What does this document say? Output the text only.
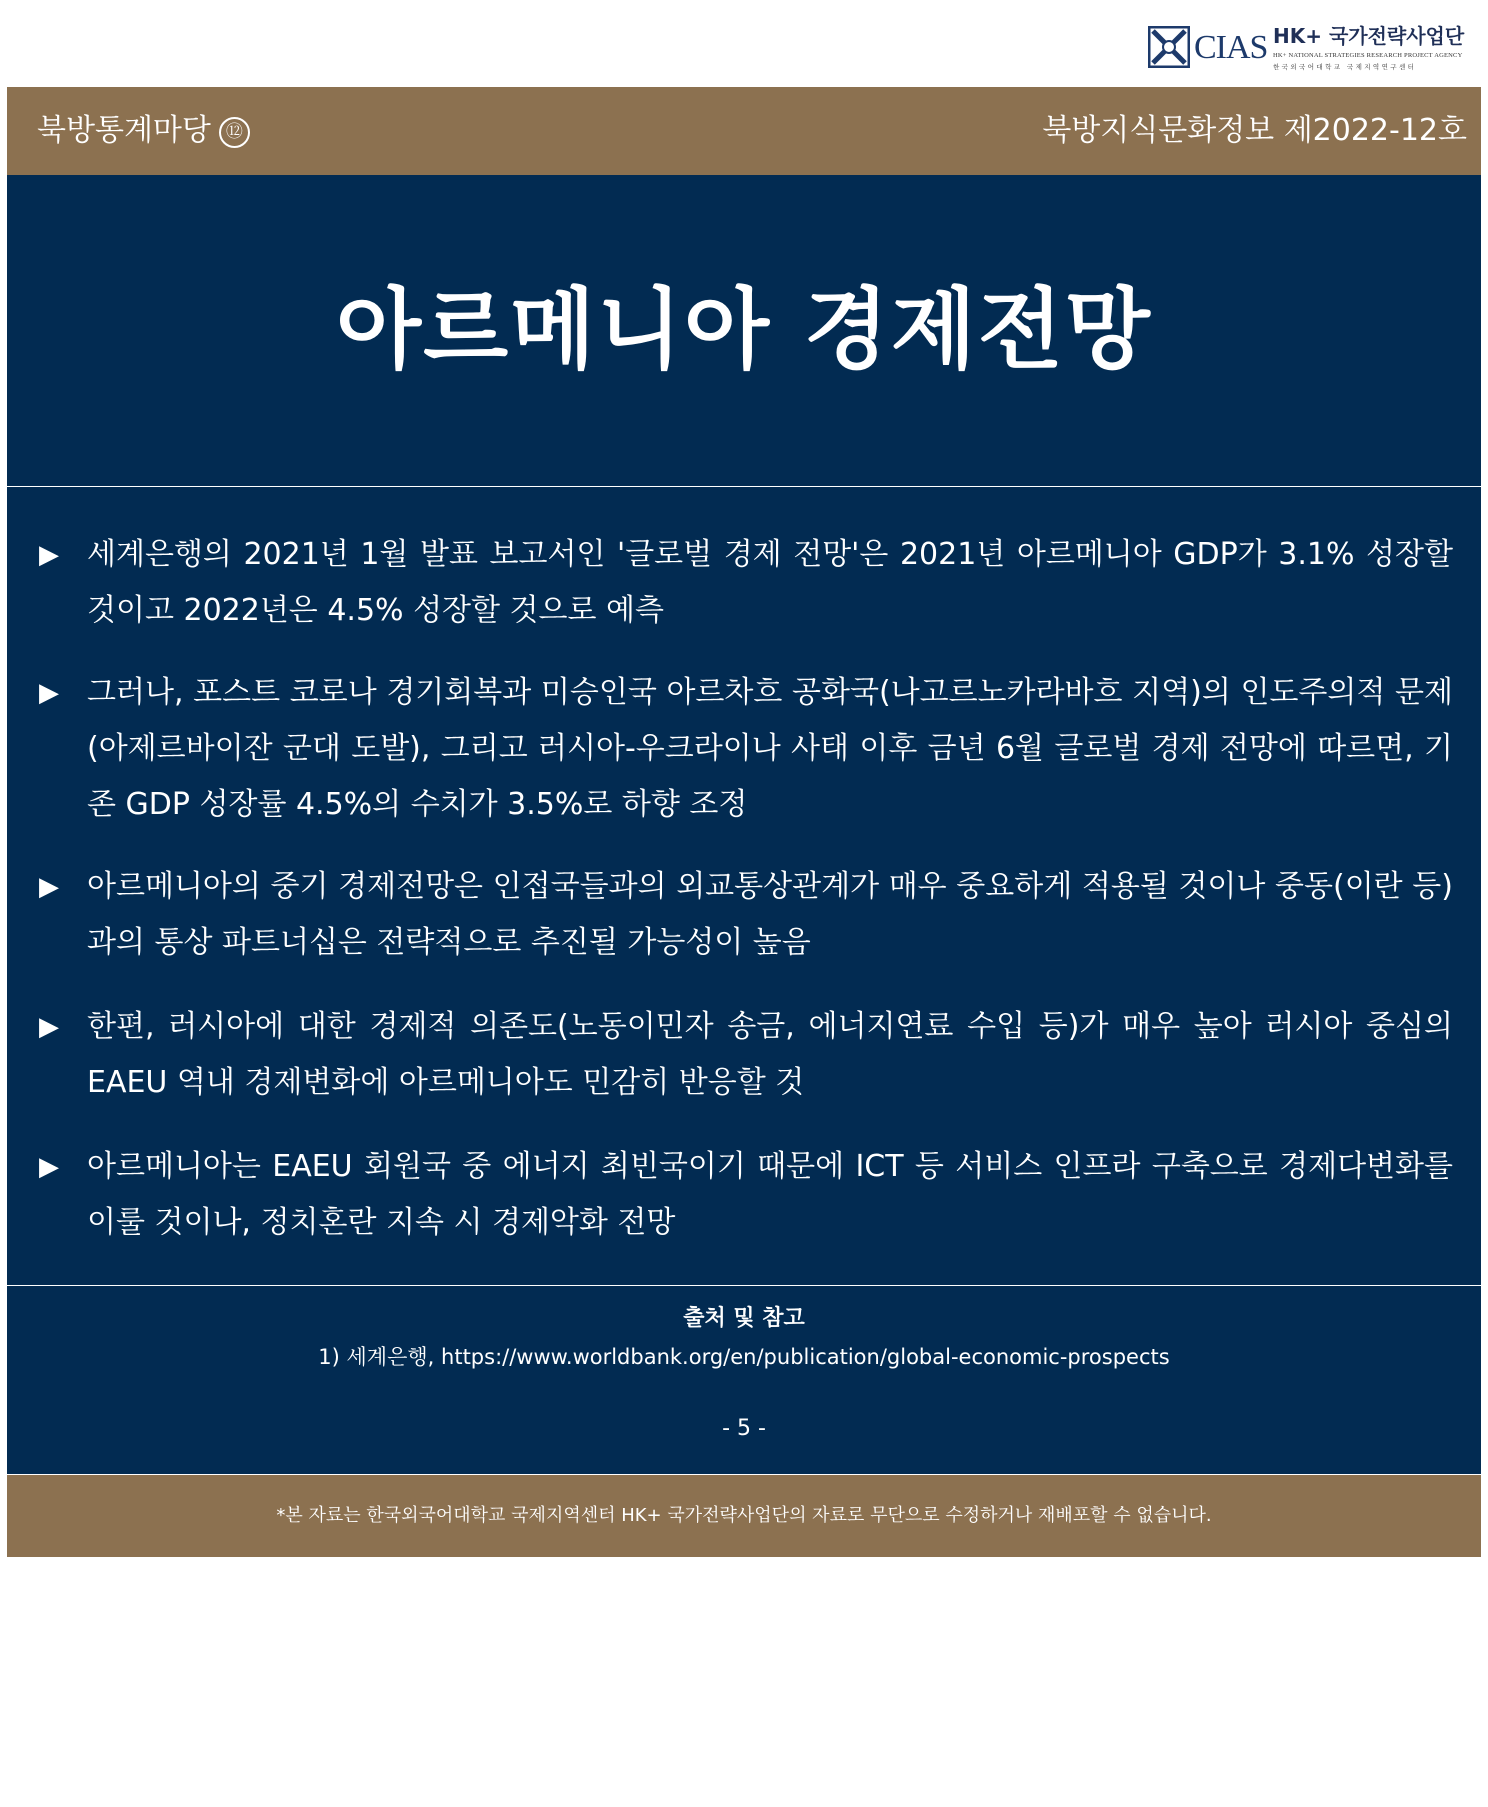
CIAS HK+ 국가전략사업단
HK+ NATIONAL STRATEGIES RESEARCH PROJECT AGENCY
한국외국어대학교 국제지역연구센터
북방통계마당 ⑫	북방지식문화정보 제2022-12호
아르메니아 경제전망
▶ 세계은행의 2021년 1월 발표 보고서인 '글로벌 경제 전망'은 2021년 아르메니아 GDP가 3.1% 성장할 것이고 2022년은 4.5% 성장할 것으로 예측
▶ 그러나, 포스트 코로나 경기회복과 미승인국 아르차흐 공화국(나고르노카라바흐 지역)의 인도주의적 문제(아제르바이잔 군대 도발), 그리고 러시아-우크라이나 사태 이후 금년 6월 글로벌 경제 전망에 따르면, 기존 GDP 성장률 4.5%의 수치가 3.5%로 하향 조정
▶ 아르메니아의 중기 경제전망은 인접국들과의 외교통상관계가 매우 중요하게 적용될 것이나 중동(이란 등)과의 통상 파트너십은 전략적으로 추진될 가능성이 높음
▶ 한편, 러시아에 대한 경제적 의존도(노동이민자 송금, 에너지연료 수입 등)가 매우 높아 러시아 중심의 EAEU 역내 경제변화에 아르메니아도 민감히 반응할 것
▶ 아르메니아는 EAEU 회원국 중 에너지 최빈국이기 때문에 ICT 등 서비스 인프라 구축으로 경제다변화를 이룰 것이나, 정치혼란 지속 시 경제악화 전망
출처 및 참고
1) 세계은행, https://www.worldbank.org/en/publication/global-economic-prospects
- 5 -
*본 자료는 한국외국어대학교 국제지역센터 HK+ 국가전략사업단의 자료로 무단으로 수정하거나 재배포할 수 없습니다.
